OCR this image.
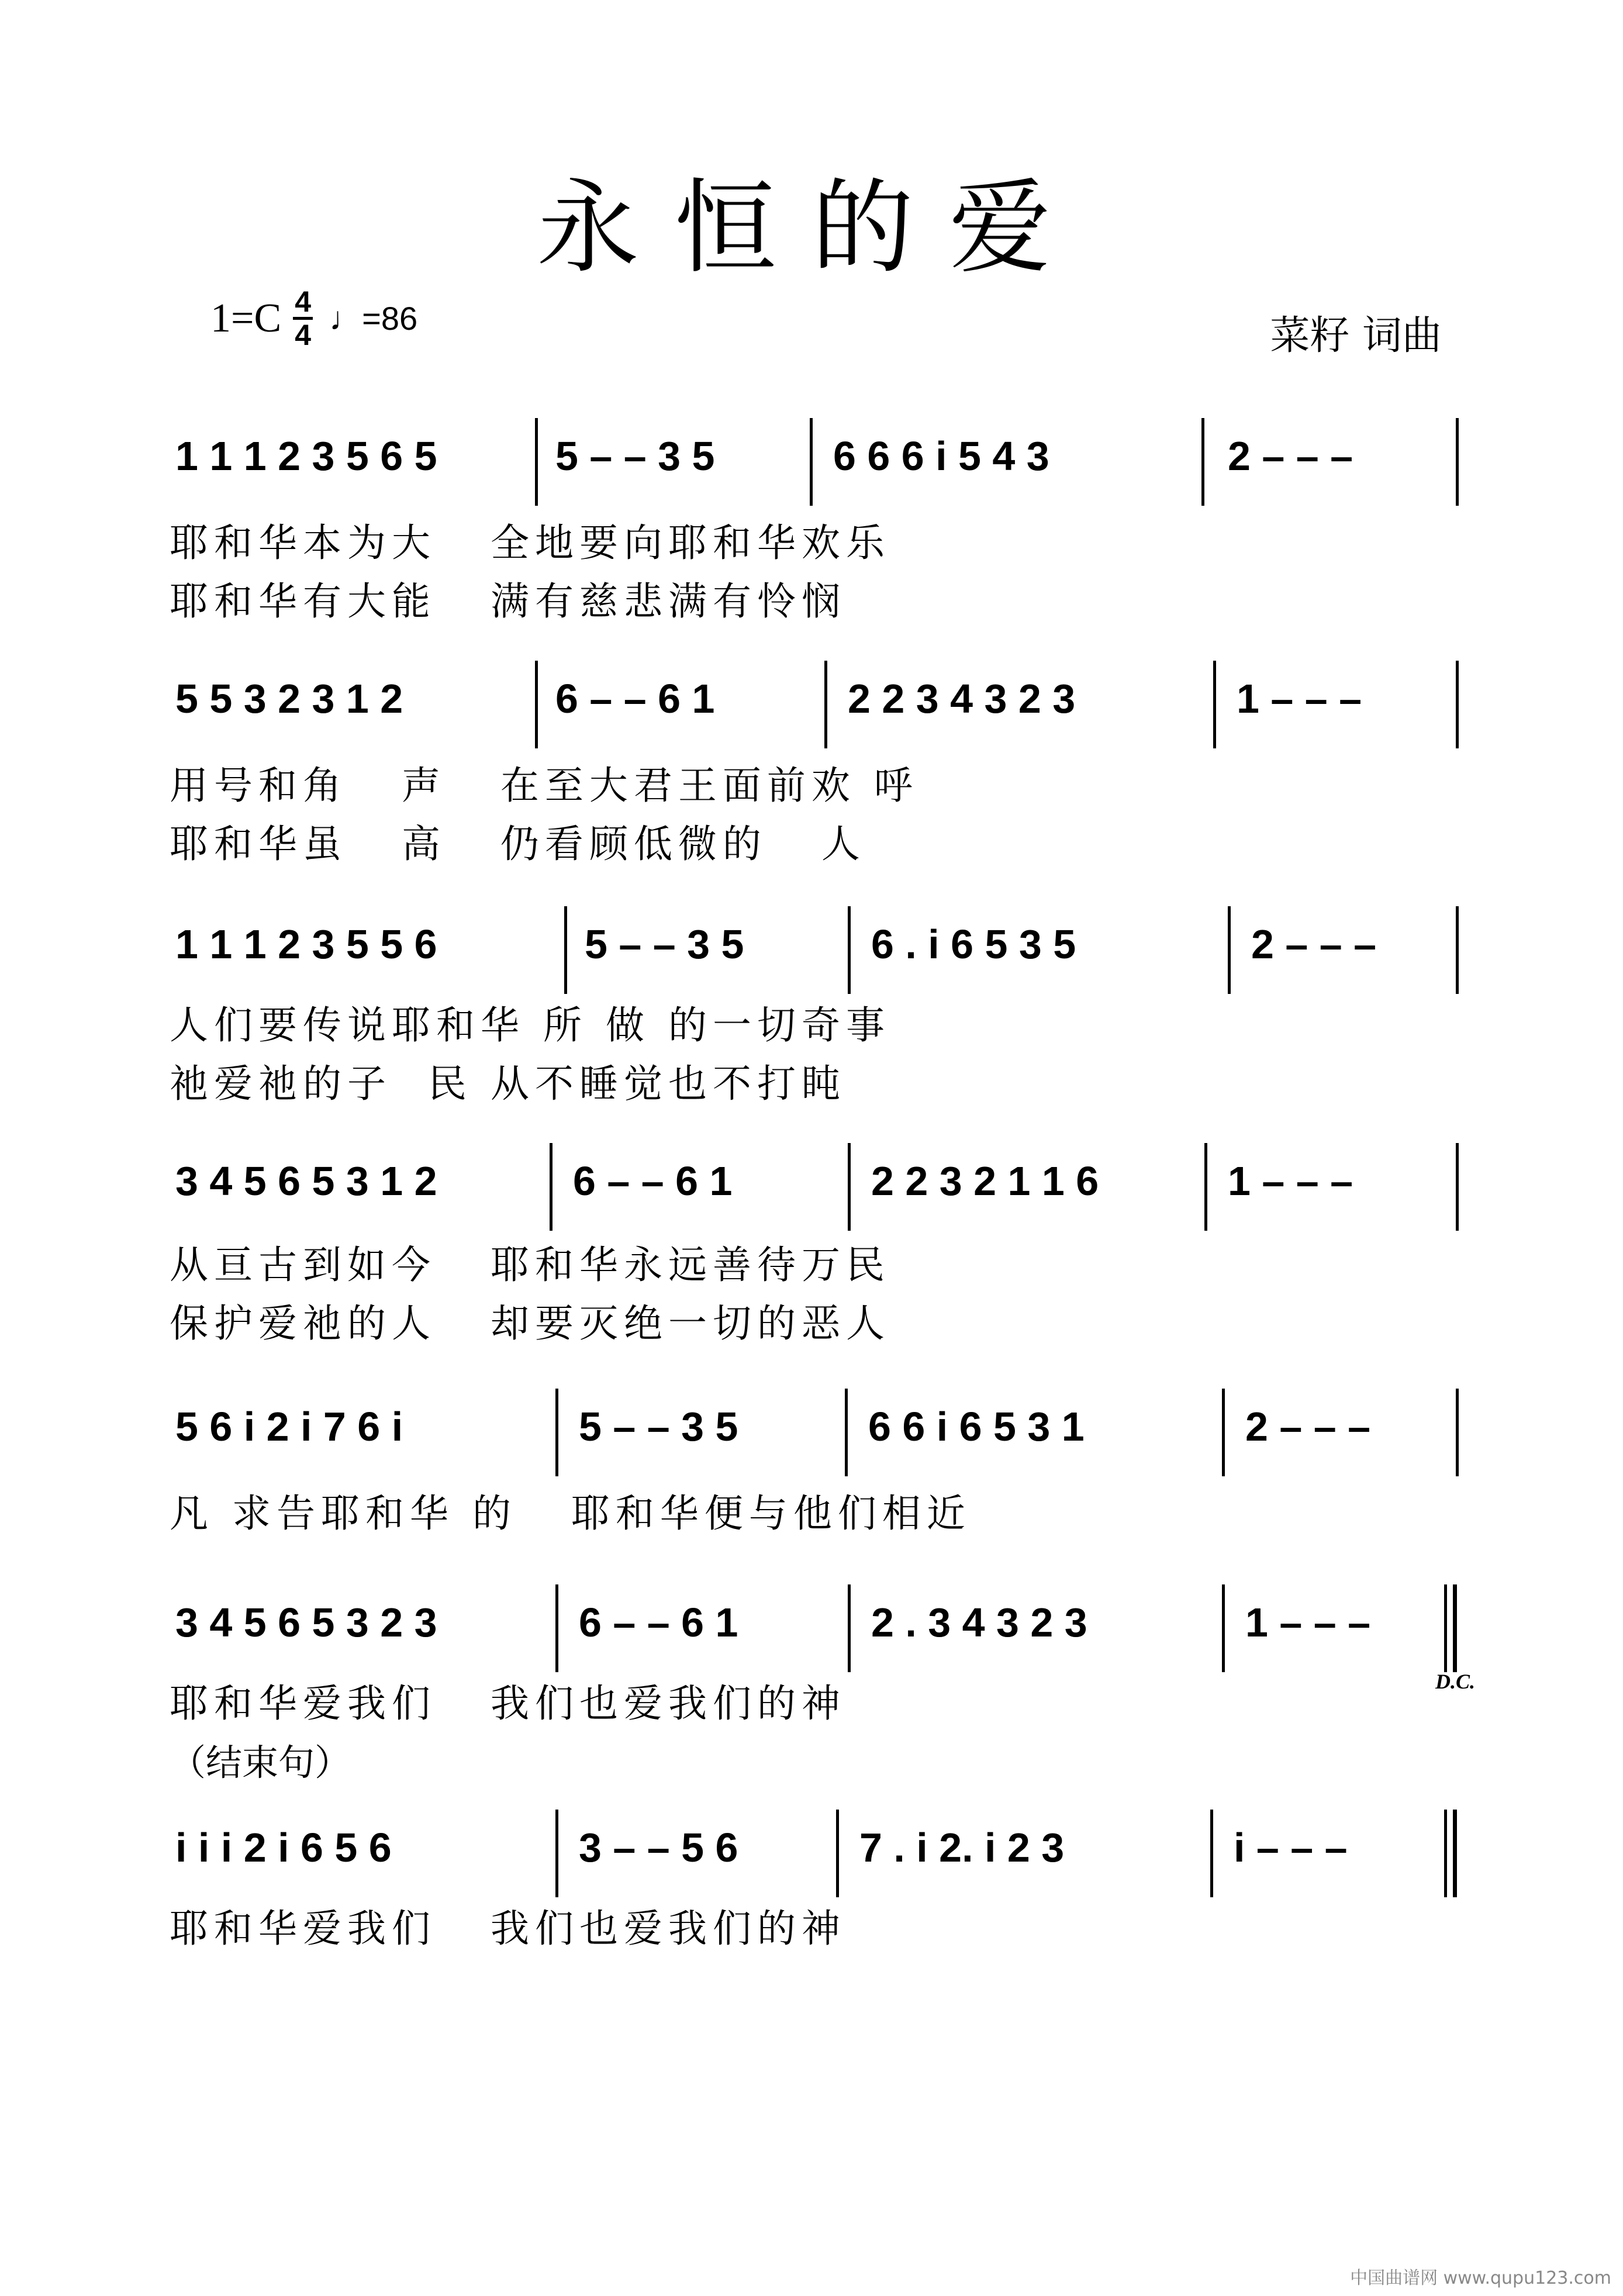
永恒的爱
1=C 4
4 ♩=86	菜籽 词曲
1 1 1 2 3 5 6 5	5 – – 3 5	6 6 6 i 5 4 3	2 – – –
耶和华本为大   全地要向耶和华欢乐
耶和华有大能   满有慈悲满有怜悯
5 5 3 2 3 1 2	6 – – 6 1	2 2 3 4 3 2 3	1 – – –
用号和角   声   在至大君王面前欢 呼
耶和华虽   高   仍看顾低微的   人
1 1 1 2 3 5 5 6	5 – – 3 5	6 . i 6 5 3 5	2 – – –
人们要传说耶和华 所 做 的一切奇事
祂爱祂的子  民 从不睡觉也不打盹
3 4 5 6 5 3 1 2	6 – – 6 1	2 2 3 2 1 1 6	1 – – –
从亘古到如今   耶和华永远善待万民
保护爱祂的人   却要灭绝一切的恶人
5 6 i 2 i 7 6 i	5 – – 3 5	6 6 i 6 5 3 1	2 – – –
凡 求告耶和华 的   耶和华便与他们相近
3 4 5 6 5 3 2 3	6 – – 6 1	2 . 3 4 3 2 3	1 – – –
D.C.
耶和华爱我们   我们也爱我们的神
（结束句）
i i i 2 i 6 5 6	3 – – 5 6	7 . i 2. i 2 3	i – – –
耶和华爱我们   我们也爱我们的神
中国曲谱网 www.qupu123.com
